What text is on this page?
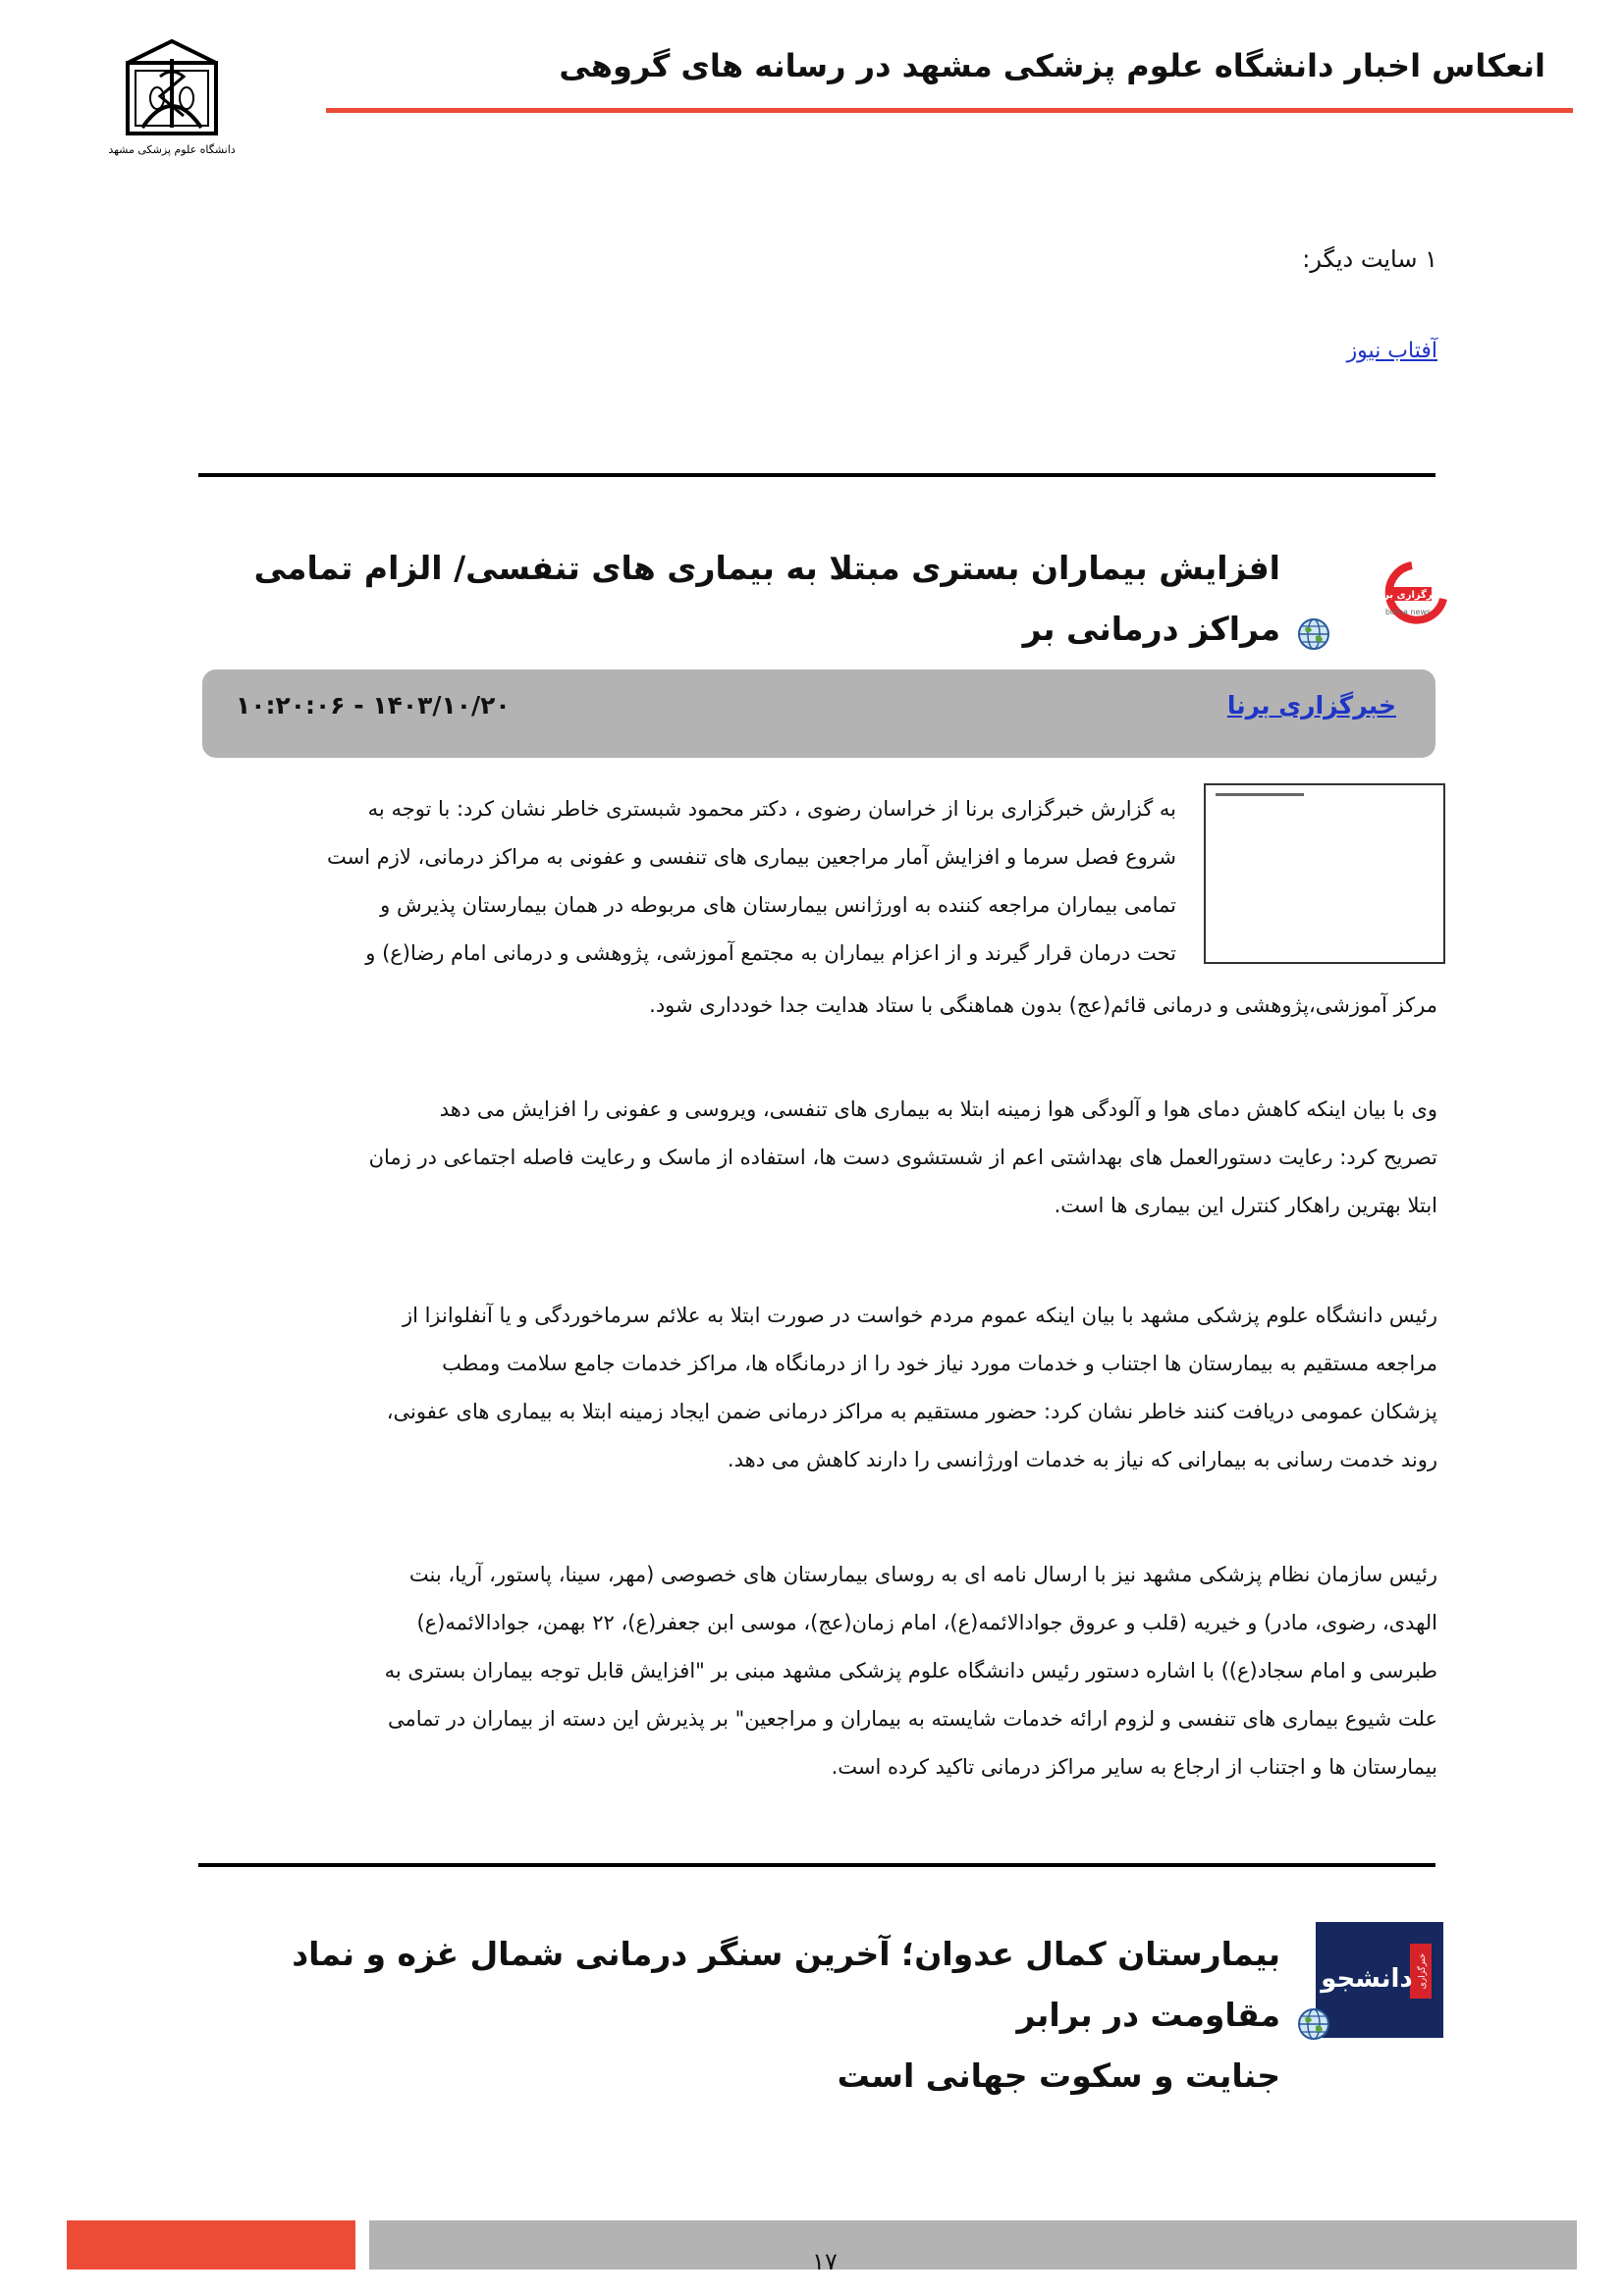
انعکاس اخبار دانشگاه علوم پزشکی مشهد در رسانه های گروهی
دانشگاه علوم پزشکی مشهد
۱ سایت دیگر:
آفتاب نیوز
خبرگزاری برنا
borna news
افزایش بیماران بستری مبتلا به بیماری های تنفسی/ الزام تمامی مراکز درمانی بر
خبرگزاری برنا
۱۴۰۳/۱۰/۲۰ - ۱۰:۲۰:۰۶
به گزارش خبرگزاری برنا از خراسان رضوی ، دکتر محمود شبستری خاطر نشان کرد: با توجه به
شروع فصل سرما و افزایش آمار مراجعین بیماری های تنفسی و عفونی به مراکز درمانی، لازم است
تمامی بیماران مراجعه کننده به اورژانس بیمارستان های مربوطه در همان بیمارستان پذیرش و
تحت درمان قرار گیرند و از اعزام بیماران به مجتمع آموزشی، پژوهشی و درمانی امام رضا(ع) و
مرکز آموزشی،پژوهشی و درمانی قائم(عج) بدون هماهنگی با ستاد هدایت جدا خودداری شود.
وی با بیان اینکه کاهش دمای هوا و آلودگی هوا زمینه ابتلا به بیماری های تنفسی، ویروسی و عفونی را افزایش می دهد
تصریح کرد: رعایت دستورالعمل های بهداشتی اعم از شستشوی دست ها، استفاده از ماسک و رعایت فاصله اجتماعی در زمان
ابتلا بهترین راهکار کنترل این بیماری ها است.
رئیس دانشگاه علوم پزشکی مشهد با بیان اینکه عموم مردم خواست در صورت ابتلا به علائم سرماخوردگی و یا آنفلوانزا از
مراجعه مستقیم به بیمارستان ها اجتناب و خدمات مورد نیاز خود را از درمانگاه ها، مراکز خدمات جامع سلامت ومطب
پزشکان عمومی دریافت کنند خاطر نشان کرد: حضور مستقیم به مراکز درمانی ضمن ایجاد زمینه ابتلا به بیماری های عفونی،
روند خدمت رسانی به بیمارانی که نیاز به خدمات اورژانسی را دارند کاهش می دهد.
رئیس سازمان نظام پزشکی مشهد نیز با ارسال نامه ای به روسای بیمارستان های خصوصی (مهر، سینا، پاستور، آریا، بنت
الهدی، رضوی، مادر) و خیریه (قلب و عروق جوادالائمه(ع)، امام زمان(عج)، موسی ابن جعفر(ع)، ۲۲ بهمن، جوادالائمه(ع)
طبرسی و امام سجاد(ع)) با اشاره دستور رئیس دانشگاه علوم پزشکی مشهد مبنی بر "افزایش قابل توجه بیماران بستری به
علت شیوع بیماری های تنفسی و لزوم ارائه خدمات شایسته به بیماران و مراجعین" بر پذیرش این دسته از بیماران در تمامی
بیمارستان ها و اجتناب از ارجاع به سایر مراکز درمانی تاکید کرده است.
خبرگزاری
دانشجو
بیمارستان کمال عدوان؛ آخرین سنگر درمانی شمال غزه و نماد مقاومت در برابر
جنایت و سکوت جهانی است
۱۷
